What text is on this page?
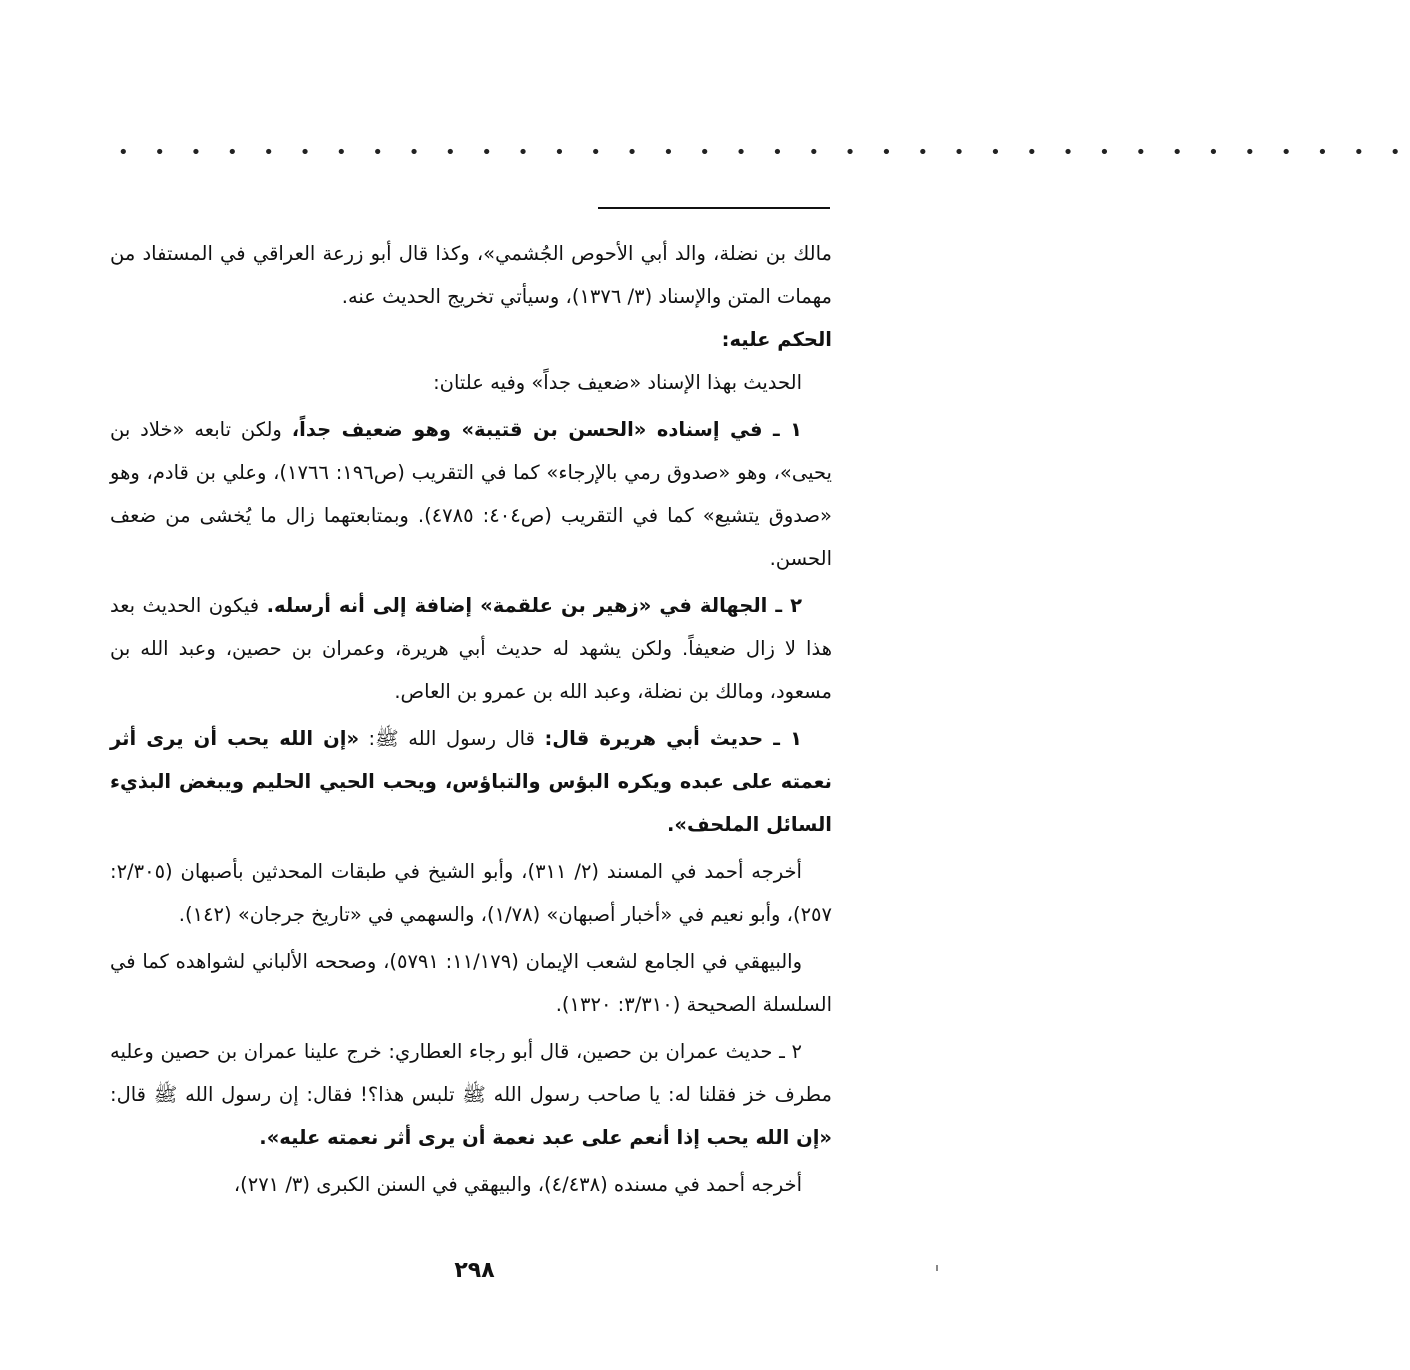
• • • • • • • • • • • • • • • • • • • • • • • • • • • • • • • • • • • •

مالك بن نضلة، والد أبي الأحوص الجُشمي»، وكذا قال أبو زرعة العراقي في المستفاد من مهمات المتن والإسناد (٣/ ١٣٧٦)، وسيأتي تخريج الحديث عنه.

الحكم عليه:

الحديث بهذا الإسناد «ضعيف جداً» وفيه علتان:

١ ـ في إسناده «الحسن بن قتيبة» وهو ضعيف جداً، ولكن تابعه «خلاد بن يحيى»، وهو «صدوق رمي بالإرجاء» كما في التقريب (ص١٩٦: ١٧٦٦)، وعلي بن قادم، وهو «صدوق يتشيع» كما في التقريب (ص٤٠٤: ٤٧٨٥). وبمتابعتهما زال ما يُخشى من ضعف الحسن.

٢ ـ الجهالة في «زهير بن علقمة» إضافة إلى أنه أرسله. فيكون الحديث بعد هذا لا زال ضعيفاً. ولكن يشهد له حديث أبي هريرة، وعمران بن حصين، وعبد الله بن مسعود، ومالك بن نضلة، وعبد الله بن عمرو بن العاص.

١ ـ حديث أبي هريرة قال: قال رسول الله ﷺ: «إن الله يحب أن يرى أثر نعمته على عبده ويكره البؤس والتباؤس، ويحب الحيي الحليم ويبغض البذيء السائل الملحف».

أخرجه أحمد في المسند (٢/ ٣١١)، وأبو الشيخ في طبقات المحدثين بأصبهان (٢/٣٠٥: ٢٥٧)، وأبو نعيم في «أخبار أصبهان» (١/٧٨)، والسهمي في «تاريخ جرجان» (١٤٢).

والبيهقي في الجامع لشعب الإيمان (١١/١٧٩: ٥٧٩١)، وصححه الألباني لشواهده كما في السلسلة الصحيحة (٣/٣١٠: ١٣٢٠).

٢ ـ حديث عمران بن حصين، قال أبو رجاء العطاري: خرج علينا عمران بن حصين وعليه مطرف خز فقلنا له: يا صاحب رسول الله ﷺ تلبس هذا؟! فقال: إن رسول الله ﷺ قال: «إن الله يحب إذا أنعم على عبد نعمة أن يرى أثر نعمته عليه».

أخرجه أحمد في مسنده (٤/٤٣٨)، والبيهقي في السنن الكبرى (٣/ ٢٧١)،

٢٩٨
